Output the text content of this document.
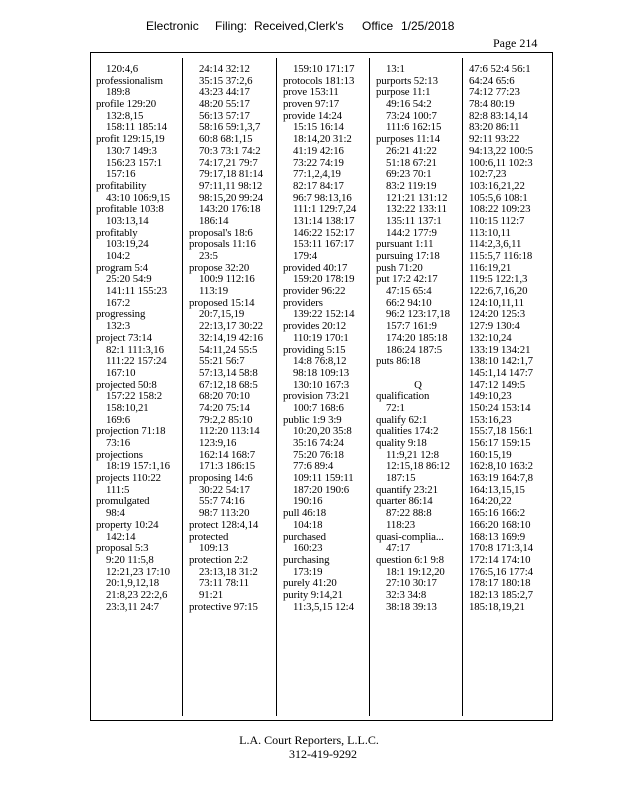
Electronic Filing: Received,Clerk's Office 1/25/2018
Page 214
120:4,6
professionalism
189:8
profile 129:20
132:8,15
158:11 185:14
profit 129:15,19
130:7 149:3
156:23 157:1
157:16
profitability
43:10 106:9,15
profitable 103:8
103:13,14
profitably
103:19,24
104:2
program 5:4
25:20 54:9
141:11 155:23
167:2
progressing
132:3
project 73:14
82:1 111:3,16
111:22 157:24
167:10
projected 50:8
157:22 158:2
158:10,21
169:6
projection 71:18
73:16
projections
18:19 157:1,16
projects 110:22
111:5
promulgated
98:4
property 10:24
142:14
proposal 5:3
9:20 11:5,8
12:21,23 17:10
20:1,9,12,18
21:8,23 22:2,6
23:3,11 24:7
24:14 32:12
35:15 37:2,6
43:23 44:17
48:20 55:17
56:13 57:17
58:16 59:1,3,7
60:8 68:1,15
70:3 73:1 74:2
74:17,21 79:7
79:17,18 81:14
97:11,11 98:12
98:15,20 99:24
143:20 176:18
186:14
proposal's 18:6
proposals 11:16
23:5
propose 32:20
100:9 112:16
113:19
proposed 15:14
20:7,15,19
22:13,17 30:22
32:14,19 42:16
54:11,24 55:5
55:21 56:7
57:13,14 58:8
67:12,18 68:5
68:20 70:10
74:20 75:14
79:2,2 85:10
112:20 113:14
123:9,16
162:14 168:7
171:3 186:15
proposing 14:6
30:22 54:17
55:7 74:16
98:7 113:20
protect 128:4,14
protected
109:13
protection 2:2
23:13,18 31:2
73:11 78:11
91:21
protective 97:15
159:10 171:17
protocols 181:13
prove 153:11
proven 97:17
provide 14:24
15:15 16:14
18:14,20 31:2
41:19 42:16
73:22 74:19
77:1,2,4,19
82:17 84:17
96:7 98:13,16
111:1 129:7,24
131:14 138:17
146:22 152:17
153:11 167:17
179:4
provided 40:17
159:20 178:19
provider 96:22
providers
139:22 152:14
provides 20:12
110:19 170:1
providing 5:15
14:8 76:8,12
98:18 109:13
130:10 167:3
provision 73:21
100:7 168:6
public 1:9 3:9
10:20,20 35:8
35:16 74:24
75:20 76:18
77:6 89:4
109:11 159:11
187:20 190:6
190:16
pull 46:18
104:18
purchased
160:23
purchasing
173:19
purely 41:20
purity 9:14,21
11:3,5,15 12:4
13:1
purports 52:13
purpose 11:1
49:16 54:2
73:24 100:7
111:6 162:15
purposes 11:14
26:21 41:22
51:18 67:21
69:23 70:1
83:2 119:19
121:21 131:12
132:22 133:11
135:11 137:1
144:2 177:9
pursuant 1:11
pursuing 17:18
push 71:20
put 17:2 42:17
47:15 65:4
66:2 94:10
96:2 123:17,18
157:7 161:9
174:20 185:18
186:24 187:5
puts 86:18
Q
qualification
72:1
qualify 62:1
qualities 174:2
quality 9:18
11:9,21 12:8
12:15,18 86:12
187:15
quantify 23:21
quarter 86:14
87:22 88:8
118:23
quasi-complia...
47:17
question 6:1 9:8
18:1 19:12,20
27:10 30:17
32:3 34:8
38:18 39:13
47:6 52:4 56:1
64:24 65:6
74:12 77:23
78:4 80:19
82:8 83:14,14
83:20 86:11
92:11 93:22
94:13,22 100:5
100:6,11 102:3
102:7,23
103:16,21,22
105:5,6 108:1
108:22 109:23
110:15 112:7
113:10,11
114:2,3,6,11
115:5,7 116:18
116:19,21
119:5 122:1,3
122:6,7,16,20
124:10,11,11
124:20 125:3
127:9 130:4
132:10,24
133:19 134:21
138:10 142:1,7
145:1,14 147:7
147:12 149:5
149:10,23
150:24 153:14
153:16,23
155:7,18 156:1
156:17 159:15
160:15,19
162:8,10 163:2
163:19 164:7,8
164:13,15,15
164:20,22
165:16 166:2
166:20 168:10
168:13 169:9
170:8 171:3,14
172:14 174:10
176:5,16 177:4
178:17 180:18
182:13 185:2,7
185:18,19,21
L.A. Court Reporters, L.L.C.
312-419-9292
